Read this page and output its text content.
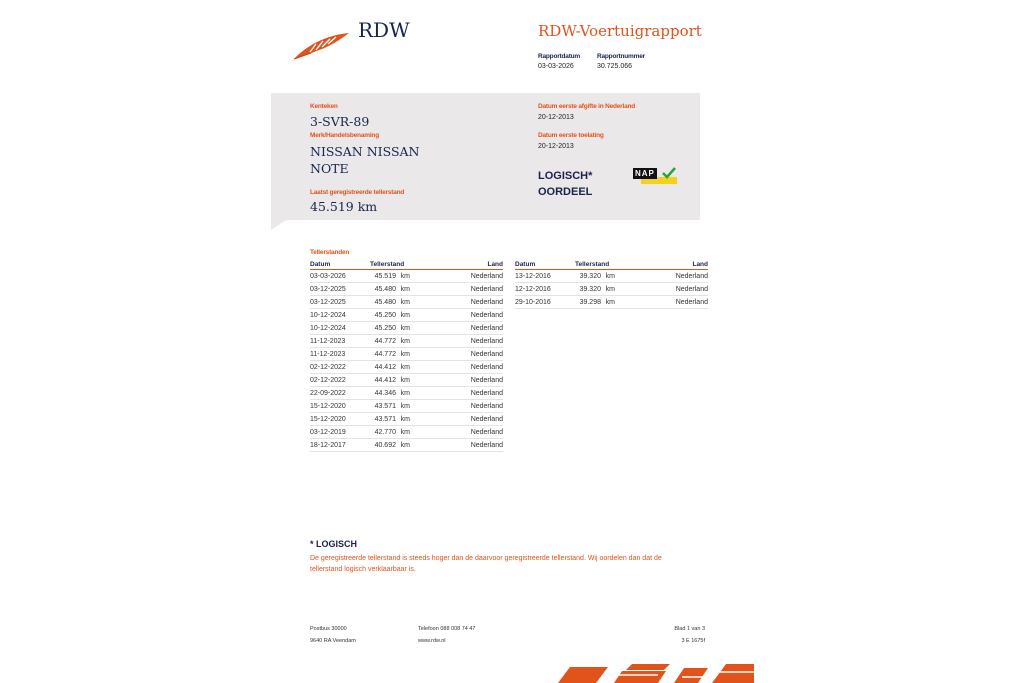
RDW	RDW-Voertuigrapport
Rapportdatum
03-03-2026
Rapportnummer
30.725.066
Kenteken
3-SVR-89
Merk/Handelsbenaming
NISSAN NISSAN
NOTE
Laatst geregistreerde tellerstand
45.519 km
Datum eerste afgifte in Nederland
20-12-2013
Datum eerste toelating
20-12-2013
LOGISCH*
OORDEEL
NAP
Tellerstanden
Datum	Tellerstand	Land
03-03-2026	45.519 km	Nederland
03-12-2025	45.480 km	Nederland
03-12-2025	45.480 km	Nederland
10-12-2024	45.250 km	Nederland
10-12-2024	45.250 km	Nederland
11-12-2023	44.772 km	Nederland
11-12-2023	44.772 km	Nederland
02-12-2022	44.412 km	Nederland
02-12-2022	44.412 km	Nederland
22-09-2022	44.346 km	Nederland
15-12-2020	43.571 km	Nederland
15-12-2020	43.571 km	Nederland
03-12-2019	42.770 km	Nederland
18-12-2017	40.692 km	Nederland
Datum	Tellerstand	Land
13-12-2016	39.320 km	Nederland
12-12-2016	39.320 km	Nederland
29-10-2016	39.298 km	Nederland
* LOGISCH
De geregistreerde tellerstand is steeds hoger dan de daarvoor geregistreerde tellerstand. Wij oordelen dan dat de tellerstand logisch verklaarbaar is.
Postbus 30000
9640 RA Veendam
Telefoon 088 008 74 47
www.rdw.nl
Blad 1 van 3
3 E 1675f
